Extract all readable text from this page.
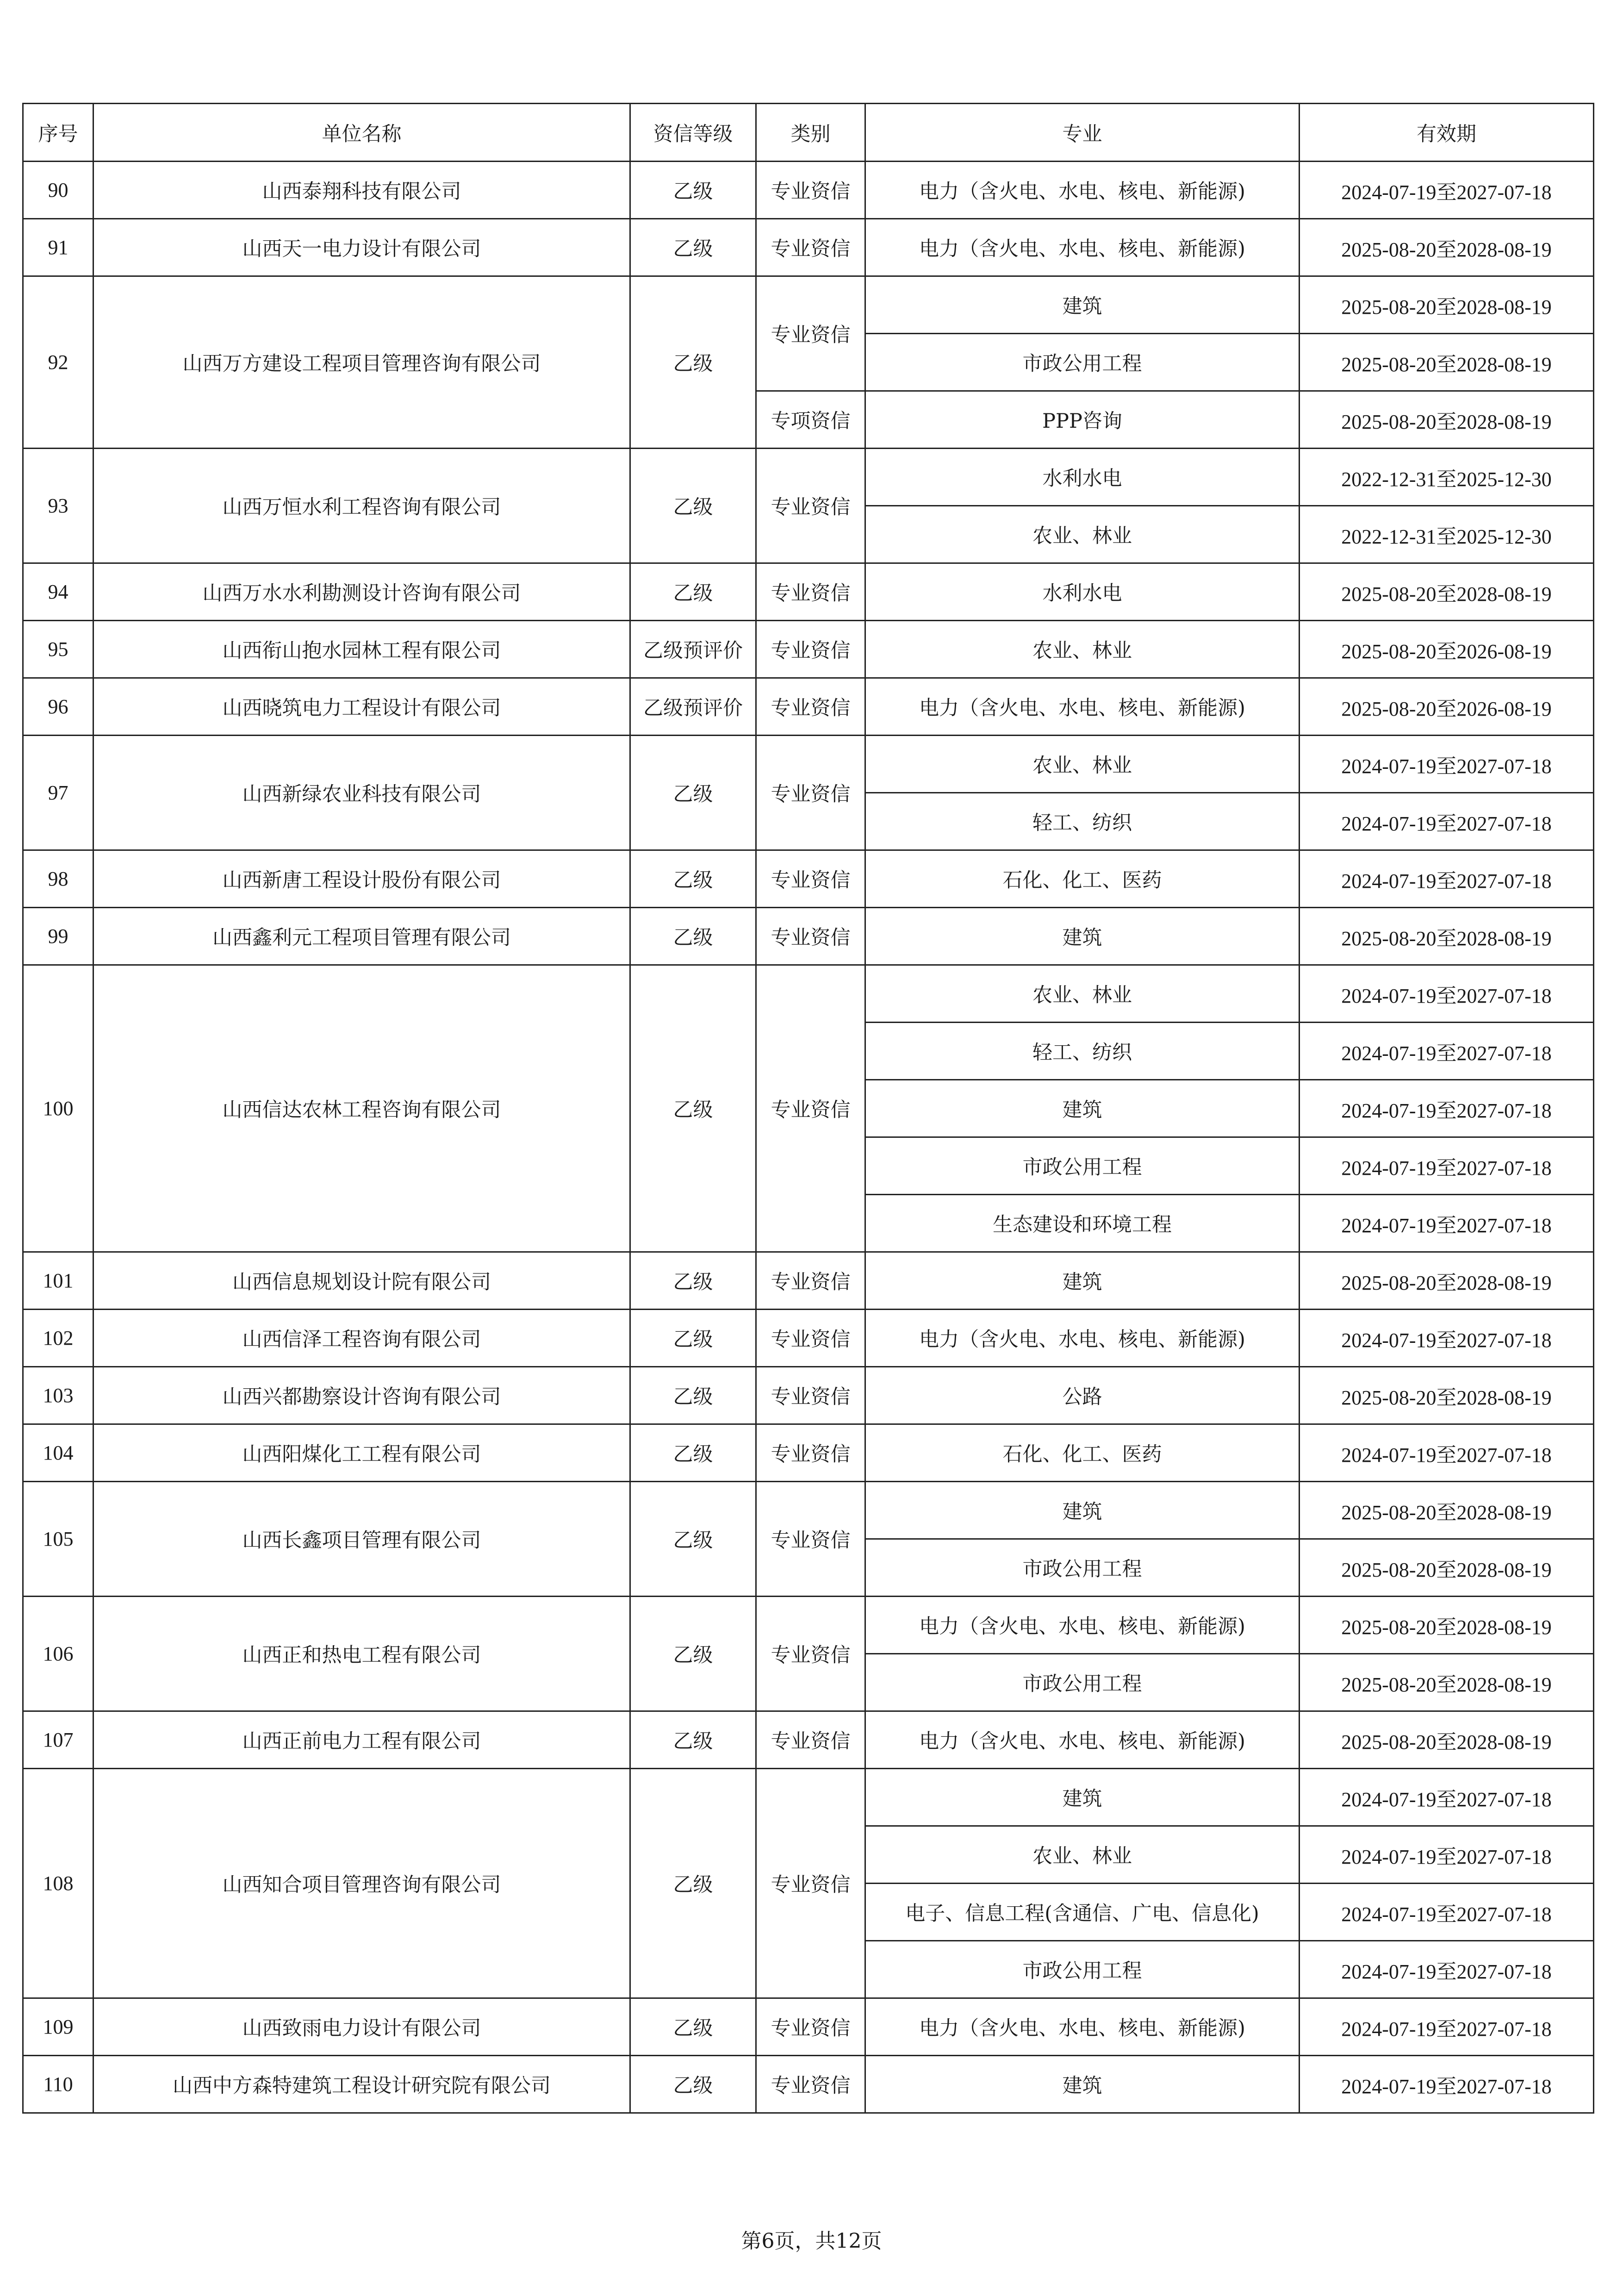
序号	单位名称	资信等级	类别	专业	有效期
90	山西泰翔科技有限公司	乙级	专业资信	电力（含火电、水电、核电、新能源)	2024-07-19至2027-07-18
91	山西天一电力设计有限公司	乙级	专业资信	电力（含火电、水电、核电、新能源)	2025-08-20至2028-08-19
92	山西万方建设工程项目管理咨询有限公司	乙级	专业资信	建筑	2025-08-20至2028-08-19
				市政公用工程	2025-08-20至2028-08-19
			专项资信	PPP咨询	2025-08-20至2028-08-19
93	山西万恒水利工程咨询有限公司	乙级	专业资信	水利水电	2022-12-31至2025-12-30
				农业、林业	2022-12-31至2025-12-30
94	山西万水水利勘测设计咨询有限公司	乙级	专业资信	水利水电	2025-08-20至2028-08-19
95	山西衔山抱水园林工程有限公司	乙级预评价	专业资信	农业、林业	2025-08-20至2026-08-19
96	山西晓筑电力工程设计有限公司	乙级预评价	专业资信	电力（含火电、水电、核电、新能源)	2025-08-20至2026-08-19
97	山西新绿农业科技有限公司	乙级	专业资信	农业、林业	2024-07-19至2027-07-18
				轻工、纺织	2024-07-19至2027-07-18
98	山西新唐工程设计股份有限公司	乙级	专业资信	石化、化工、医药	2024-07-19至2027-07-18
99	山西鑫利元工程项目管理有限公司	乙级	专业资信	建筑	2025-08-20至2028-08-19
100	山西信达农林工程咨询有限公司	乙级	专业资信	农业、林业	2024-07-19至2027-07-18
				轻工、纺织	2024-07-19至2027-07-18
				建筑	2024-07-19至2027-07-18
				市政公用工程	2024-07-19至2027-07-18
				生态建设和环境工程	2024-07-19至2027-07-18
101	山西信息规划设计院有限公司	乙级	专业资信	建筑	2025-08-20至2028-08-19
102	山西信泽工程咨询有限公司	乙级	专业资信	电力（含火电、水电、核电、新能源)	2024-07-19至2027-07-18
103	山西兴都勘察设计咨询有限公司	乙级	专业资信	公路	2025-08-20至2028-08-19
104	山西阳煤化工工程有限公司	乙级	专业资信	石化、化工、医药	2024-07-19至2027-07-18
105	山西长鑫项目管理有限公司	乙级	专业资信	建筑	2025-08-20至2028-08-19
				市政公用工程	2025-08-20至2028-08-19
106	山西正和热电工程有限公司	乙级	专业资信	电力（含火电、水电、核电、新能源)	2025-08-20至2028-08-19
				市政公用工程	2025-08-20至2028-08-19
107	山西正前电力工程有限公司	乙级	专业资信	电力（含火电、水电、核电、新能源)	2025-08-20至2028-08-19
108	山西知合项目管理咨询有限公司	乙级	专业资信	建筑	2024-07-19至2027-07-18
				农业、林业	2024-07-19至2027-07-18
				电子、信息工程(含通信、广电、信息化)	2024-07-19至2027-07-18
				市政公用工程	2024-07-19至2027-07-18
109	山西致雨电力设计有限公司	乙级	专业资信	电力（含火电、水电、核电、新能源)	2024-07-19至2027-07-18
110	山西中方森特建筑工程设计研究院有限公司	乙级	专业资信	建筑	2024-07-19至2027-07-18
第6页，共12页
